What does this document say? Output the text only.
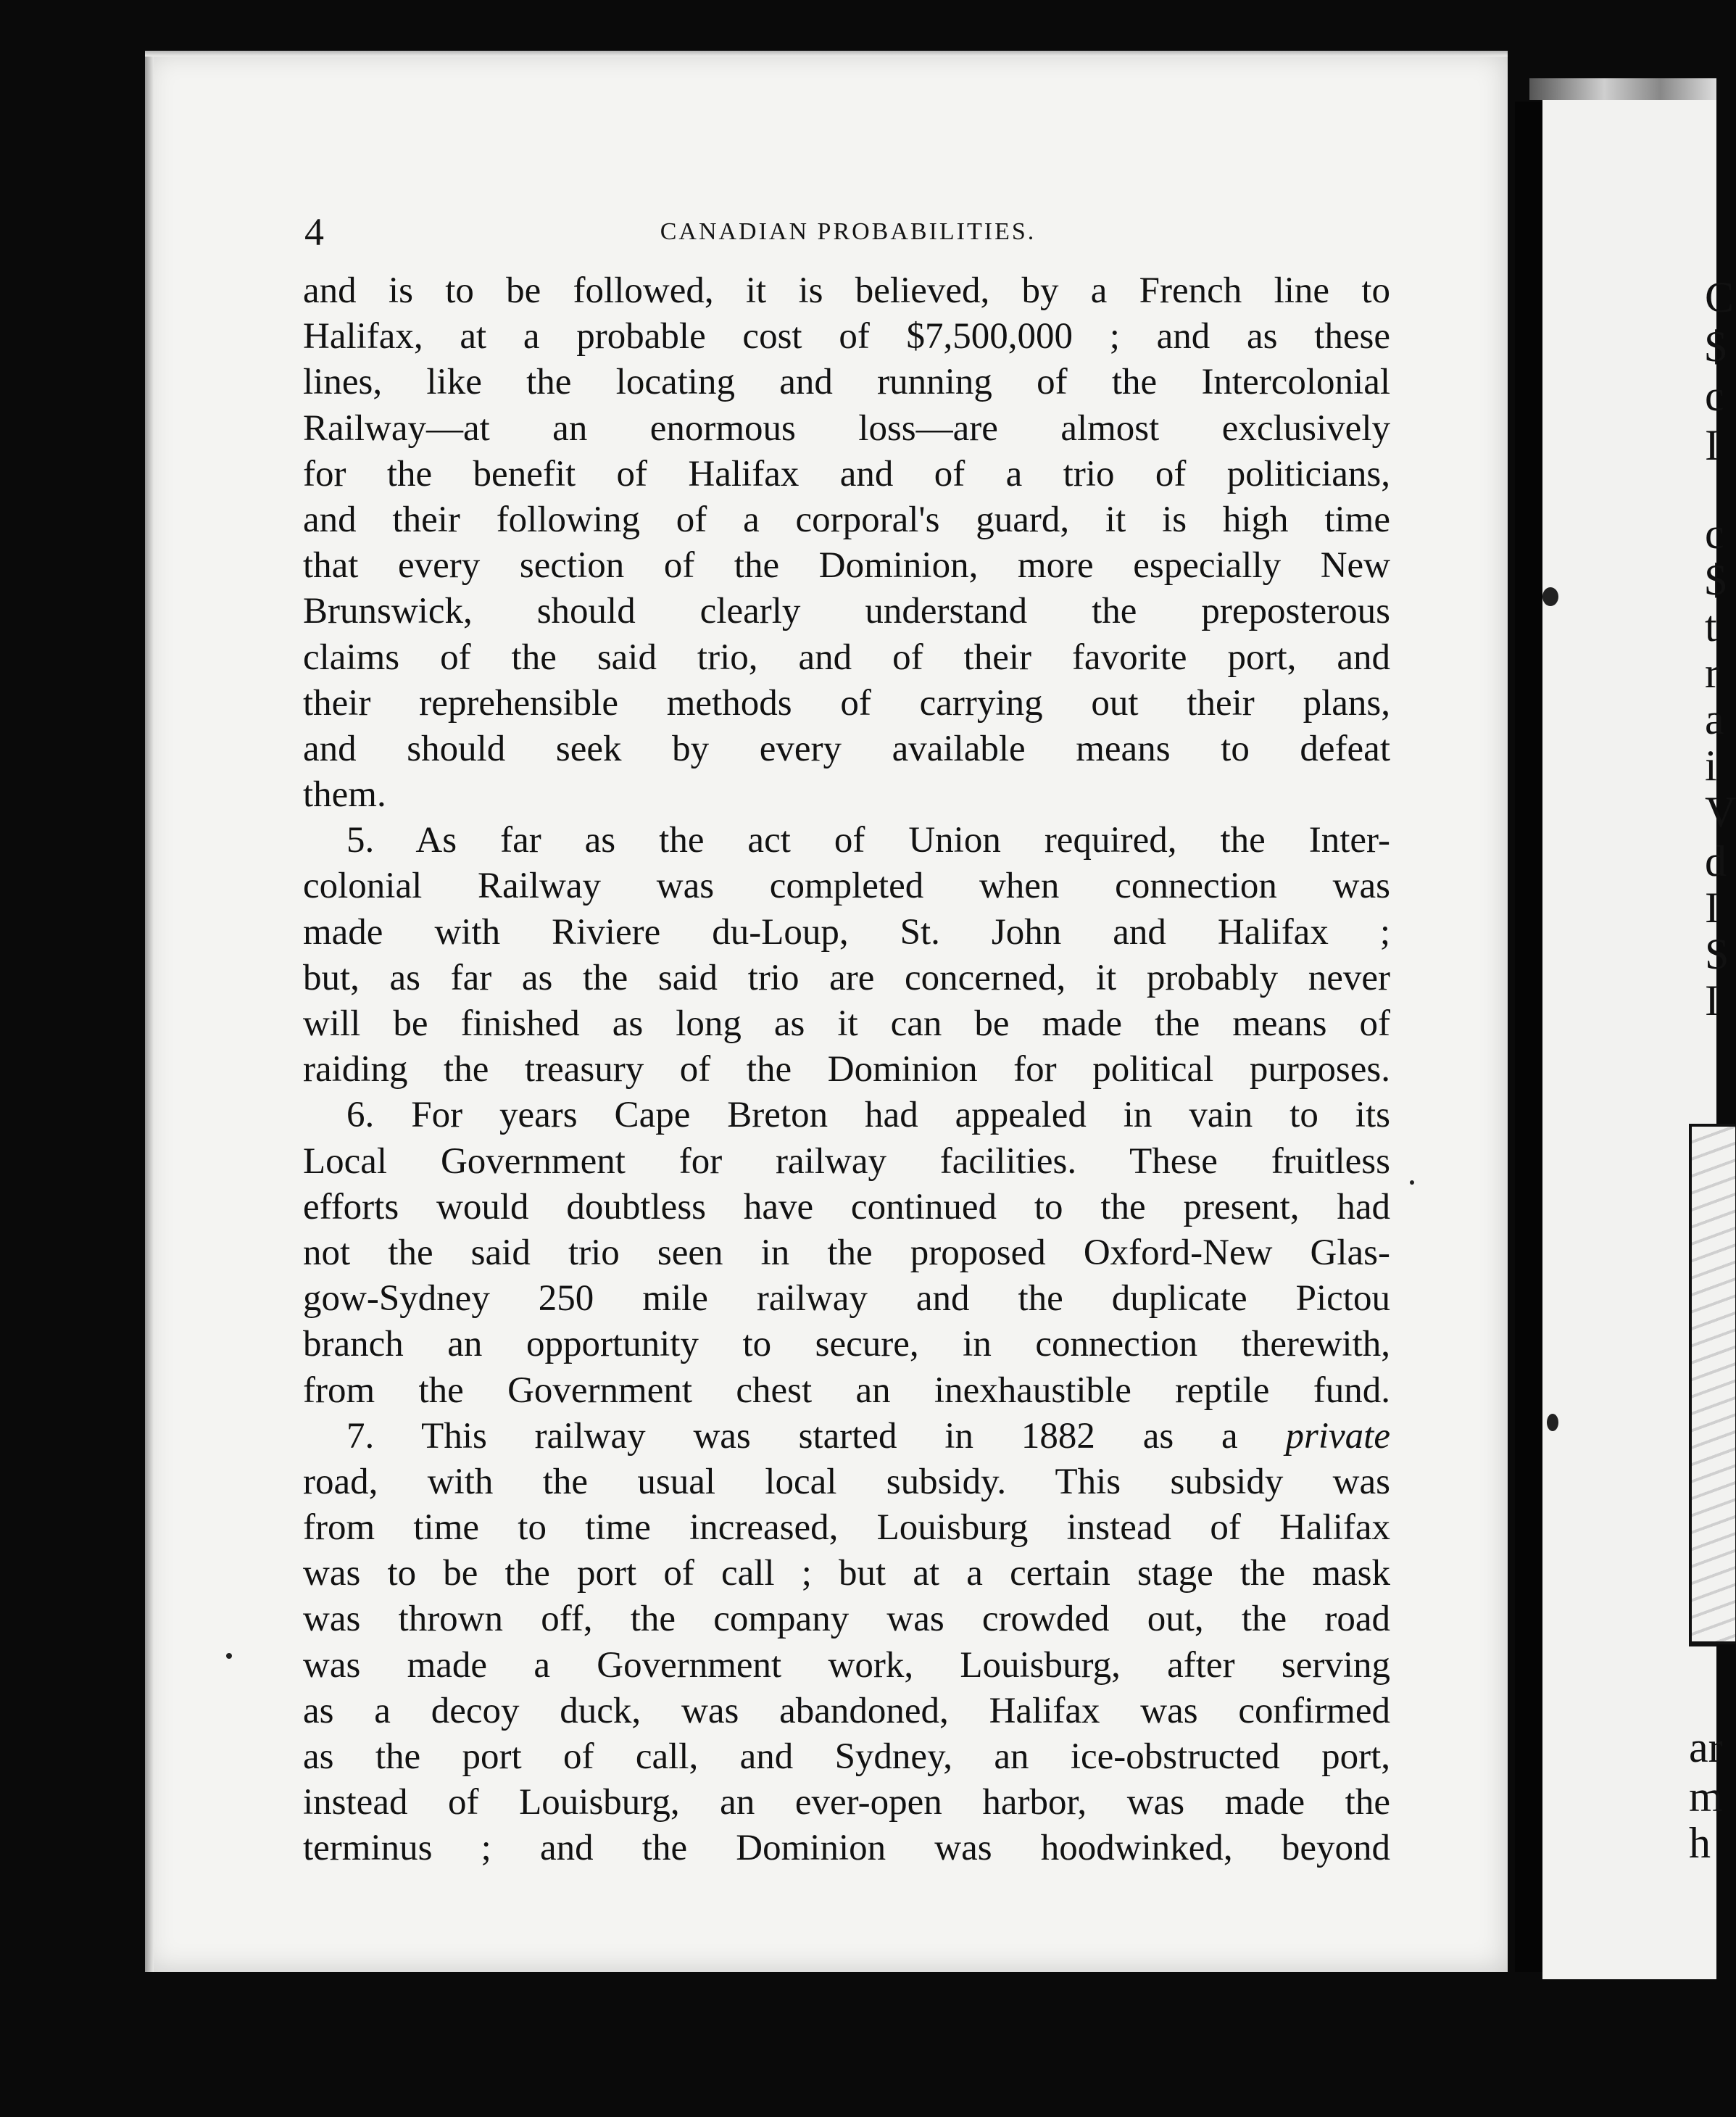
C
$
c
I
c
$
t
r
a
i
V
d
I
S
I
ar
m
h
4	CANADIAN PROBABILITIES.
and is to be followed, it is believed, by a French line to
Halifax, at a probable cost of $7,500,000 ; and as these
lines, like the locating and running of the Intercolonial
Railway—at an enormous loss—are almost exclusively
for the benefit of Halifax and of a trio of politicians,
and their following of a corporal's guard, it is high time
that every section of the Dominion, more especially New
Brunswick, should clearly understand the preposterous
claims of the said trio, and of their favorite port, and
their reprehensible methods of carrying out their plans,
and should seek by every available means to defeat
them.
5. As far as the act of Union required, the Inter-
colonial Railway was completed when connection was
made with Riviere du-Loup, St. John and Halifax ;
but, as far as the said trio are concerned, it probably never
will be finished as long as it can be made the means of
raiding the treasury of the Dominion for political purposes.
6. For years Cape Breton had appealed in vain to its
Local Government for railway facilities. These fruitless
efforts would doubtless have continued to the present, had
not the said trio seen in the proposed Oxford-New Glas-
gow-Sydney 250 mile railway and the duplicate Pictou
branch an opportunity to secure, in connection therewith,
from the Government chest an inexhaustible reptile fund.
7. This railway was started in 1882 as a private
road, with the usual local subsidy. This subsidy was
from time to time increased, Louisburg instead of Halifax
was to be the port of call ; but at a certain stage the mask
was thrown off, the company was crowded out, the road
was made a Government work, Louisburg, after serving
as a decoy duck, was abandoned, Halifax was confirmed
as the port of call, and Sydney, an ice-obstructed port,
instead of Louisburg, an ever-open harbor, was made the
terminus ; and the Dominion was hoodwinked, beyond
